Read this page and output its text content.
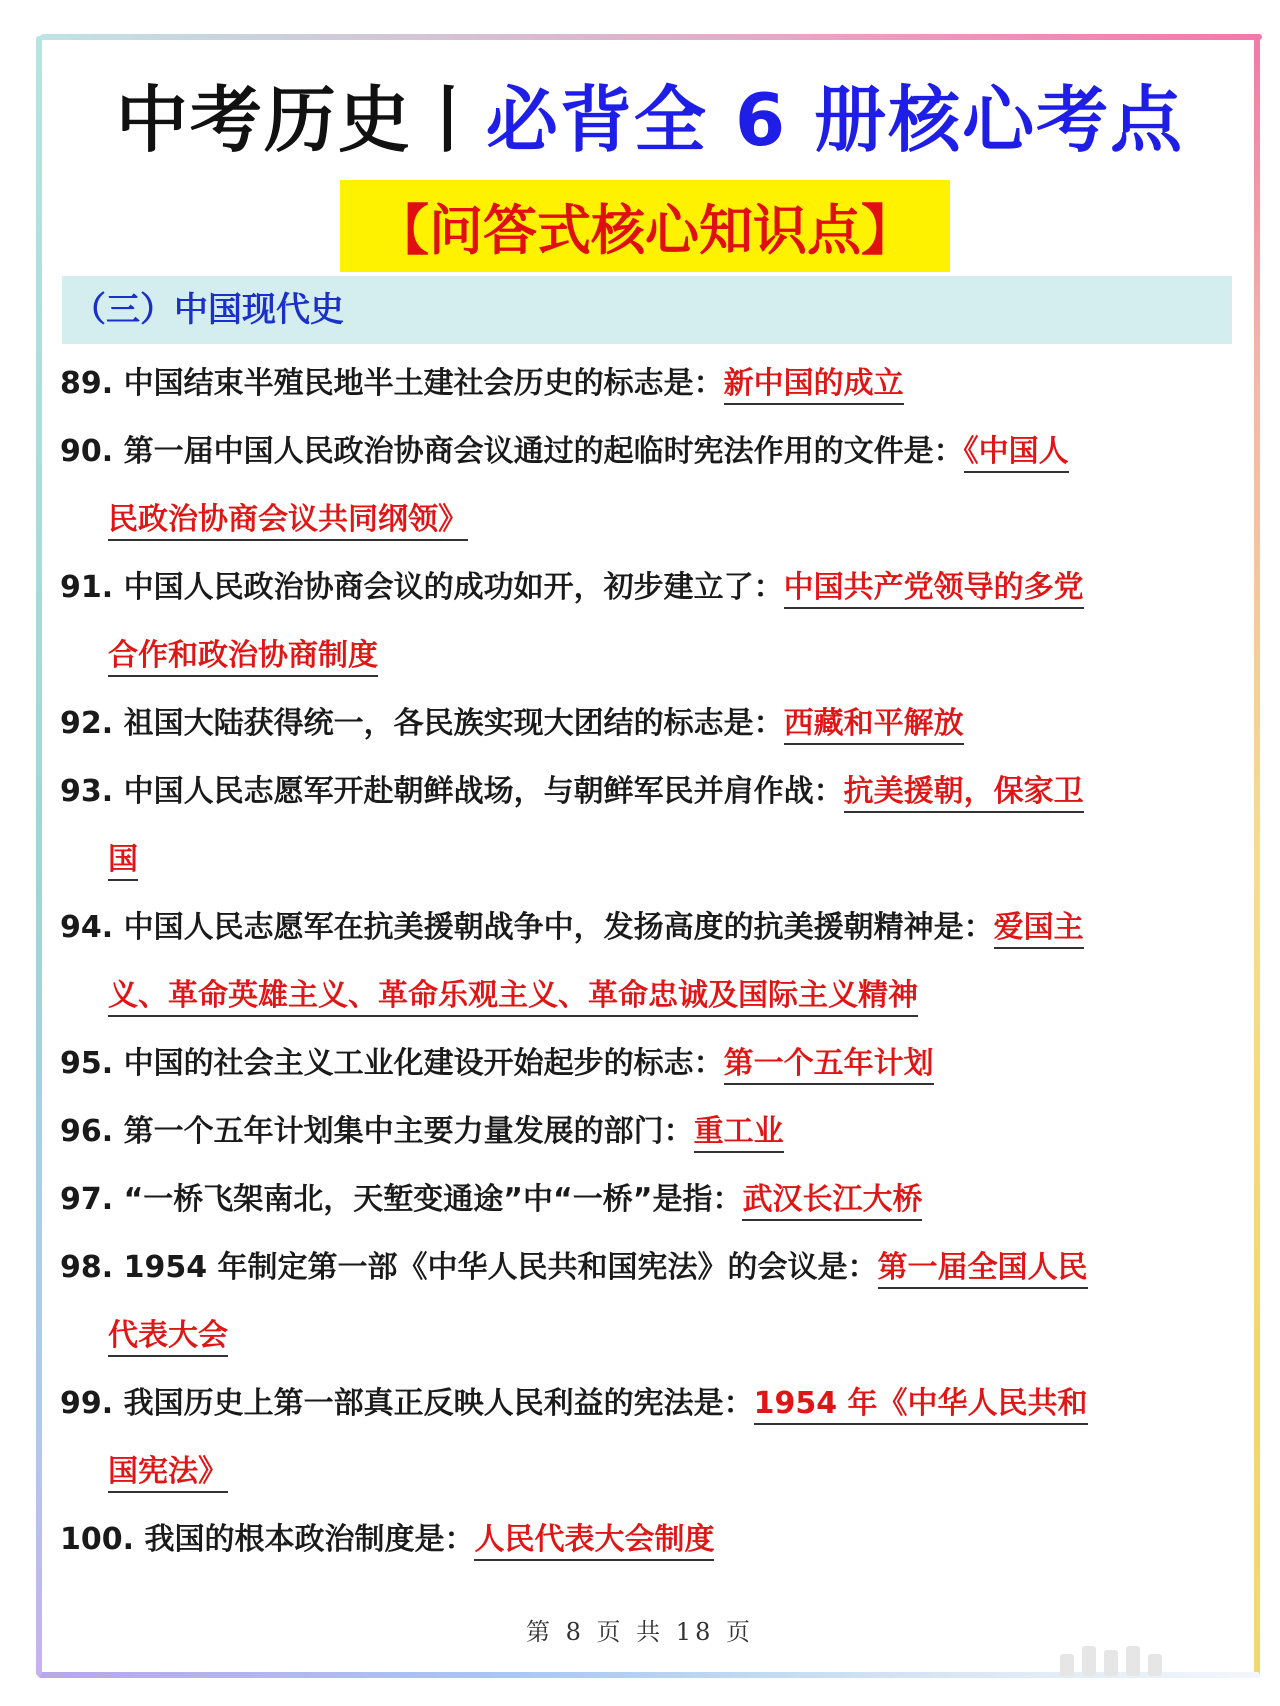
中考历史丨必背全 6 册核心考点
【问答式核心知识点】
（三）中国现代史
89. 中国结束半殖民地半土建社会历史的标志是：新中国的成立
90. 第一届中国人民政治协商会议通过的起临时宪法作用的文件是：《中国人
民政治协商会议共同纲领》
91. 中国人民政治协商会议的成功如开，初步建立了：中国共产党领导的多党
合作和政治协商制度
92. 祖国大陆获得统一，各民族实现大团结的标志是：西藏和平解放
93. 中国人民志愿军开赴朝鲜战场，与朝鲜军民并肩作战：抗美援朝，保家卫
国
94. 中国人民志愿军在抗美援朝战争中，发扬高度的抗美援朝精神是：爱国主
义、革命英雄主义、革命乐观主义、革命忠诚及国际主义精神
95. 中国的社会主义工业化建设开始起步的标志：第一个五年计划
96. 第一个五年计划集中主要力量发展的部门：重工业
97. “一桥飞架南北，天堑变通途”中“一桥”是指：武汉长江大桥
98. 1954 年制定第一部《中华人民共和国宪法》的会议是：第一届全国人民
代表大会
99. 我国历史上第一部真正反映人民利益的宪法是：1954 年《中华人民共和
国宪法》
100. 我国的根本政治制度是：人民代表大会制度
第 8 页 共 18 页
